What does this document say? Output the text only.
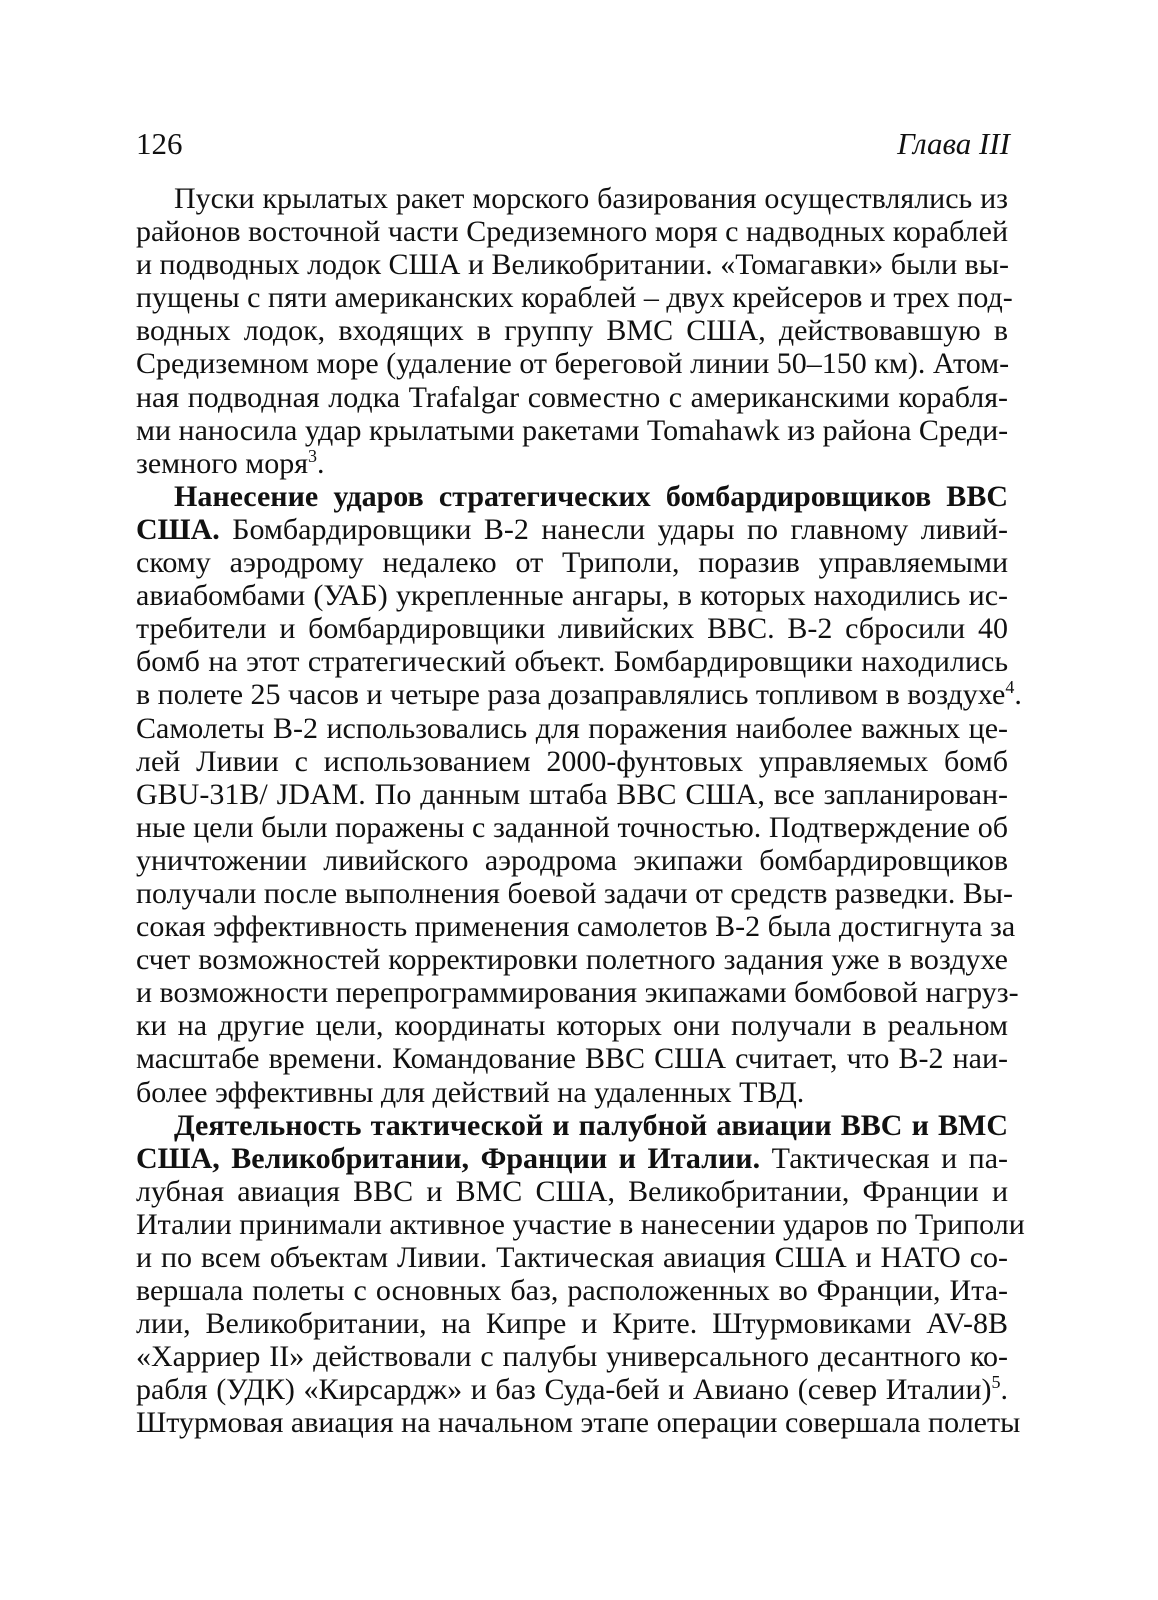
126	Глава III
Пуски крылатых ракет морского базирования осуществлялись из
районов восточной части Средиземного моря с надводных кораблей
и подводных лодок США и Великобритании. «Томагавки» были вы-
пущены с пяти американских кораблей – двух крейсеров и трех под-
водных лодок, входящих в группу ВМС США, действовавшую в
Средиземном море (удаление от береговой линии 50–150 км). Атом-
ная подводная лодка Trafalgar совместно с американскими корабля-
ми наносила удар крылатыми ракетами Tomahawk из района Среди-
земного моря$^3$.
Нанесение ударов стратегических бомбардировщиков ВВС
США. Бомбардировщики B-2 нанесли удары по главному ливий-
скому аэродрому недалеко от Триполи, поразив управляемыми
авиабомбами (УАБ) укрепленные ангары, в которых находились ис-
требители и бомбардировщики ливийских ВВС. B-2 сбросили 40
бомб на этот стратегический объект. Бомбардировщики находились
в полете 25 часов и четыре раза дозаправлялись топливом в воздухе$^4$.
Самолеты B-2 использовались для поражения наиболее важных це-
лей Ливии с использованием 2000-фунтовых управляемых бомб
GBU-31B/ JDAM. По данным штаба ВВС США, все запланирован-
ные цели были поражены с заданной точностью. Подтверждение об
уничтожении ливийского аэродрома экипажи бомбардировщиков
получали после выполнения боевой задачи от средств разведки. Вы-
сокая эффективность применения самолетов B-2 была достигнута за
счет возможностей корректировки полетного задания уже в воздухе
и возможности перепрограммирования экипажами бомбовой нагруз-
ки на другие цели, координаты которых они получали в реальном
масштабе времени. Командование ВВС США считает, что B-2 наи-
более эффективны для действий на удаленных ТВД.
Деятельность тактической и палубной авиации ВВС и ВМС
США, Великобритании, Франции и Италии. Тактическая и па-
лубная авиация ВВС и ВМС США, Великобритании, Франции и
Италии принимали активное участие в нанесении ударов по Триполи
и по всем объектам Ливии. Тактическая авиация США и НАТО со-
вершала полеты с основных баз, расположенных во Франции, Ита-
лии, Великобритании, на Кипре и Крите. Штурмовиками AV-8B
«Харриер II» действовали с палубы универсального десантного ко-
рабля (УДК) «Кирсардж» и баз Суда-бей и Авиано (север Италии)$^5$.
Штурмовая авиация на начальном этапе операции совершала полеты
